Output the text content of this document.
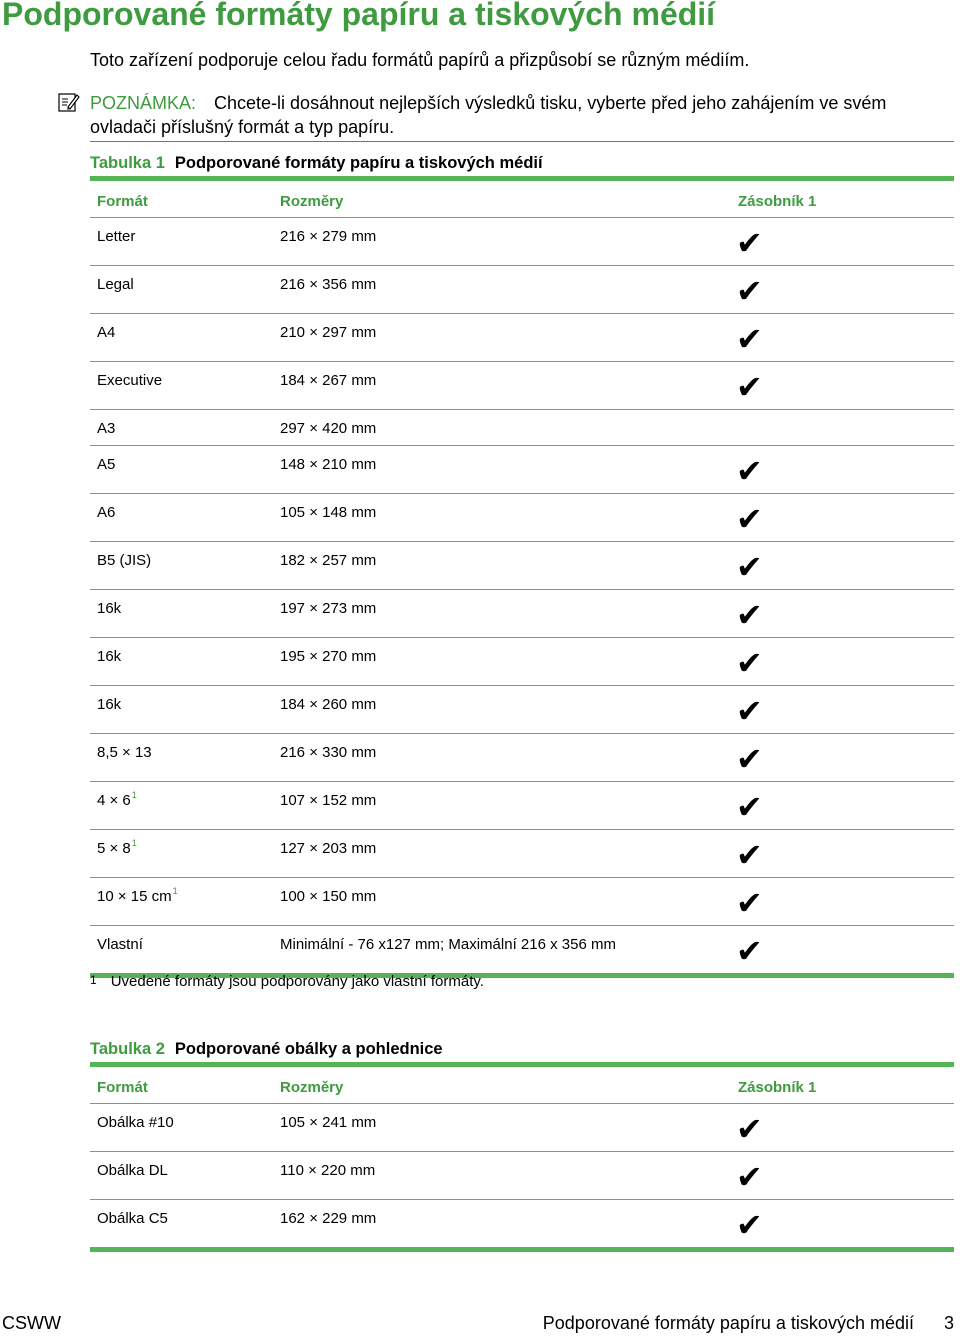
Podporované formáty papíru a tiskových médií
Toto zařízení podporuje celou řadu formátů papírů a přizpůsobí se různým médiím.
POZNÁMKA: Chcete-li dosáhnout nejlepších výsledků tisku, vyberte před jeho zahájením ve svém ovladači příslušný formát a typ papíru.
Tabulka 1 Podporované formáty papíru a tiskových médií
Formát	Rozměry	Zásobník 1
Letter	216 × 279 mm	✔
Legal	216 × 356 mm	✔
A4	210 × 297 mm	✔
Executive	184 × 267 mm	✔
A3	297 × 420 mm
A5	148 × 210 mm	✔
A6	105 × 148 mm	✔
B5 (JIS)	182 × 257 mm	✔
16k	197 × 273 mm	✔
16k	195 × 270 mm	✔
16k	184 × 260 mm	✔
8,5 × 13	216 × 330 mm	✔
4 × 6$^1$	107 × 152 mm	✔
5 × 8$^1$	127 × 203 mm	✔
10 × 15 cm$^1$	100 × 150 mm	✔
Vlastní	Minimální - 76 x127 mm; Maximální 216 x 356 mm	✔
$^1$ Uvedené formáty jsou podporovány jako vlastní formáty.
Tabulka 2 Podporované obálky a pohlednice
Formát	Rozměry	Zásobník 1
Obálka #10	105 × 241 mm	✔
Obálka DL	110 × 220 mm	✔
Obálka C5	162 × 229 mm	✔
CSWW	Podporované formáty papíru a tiskových médií 3
